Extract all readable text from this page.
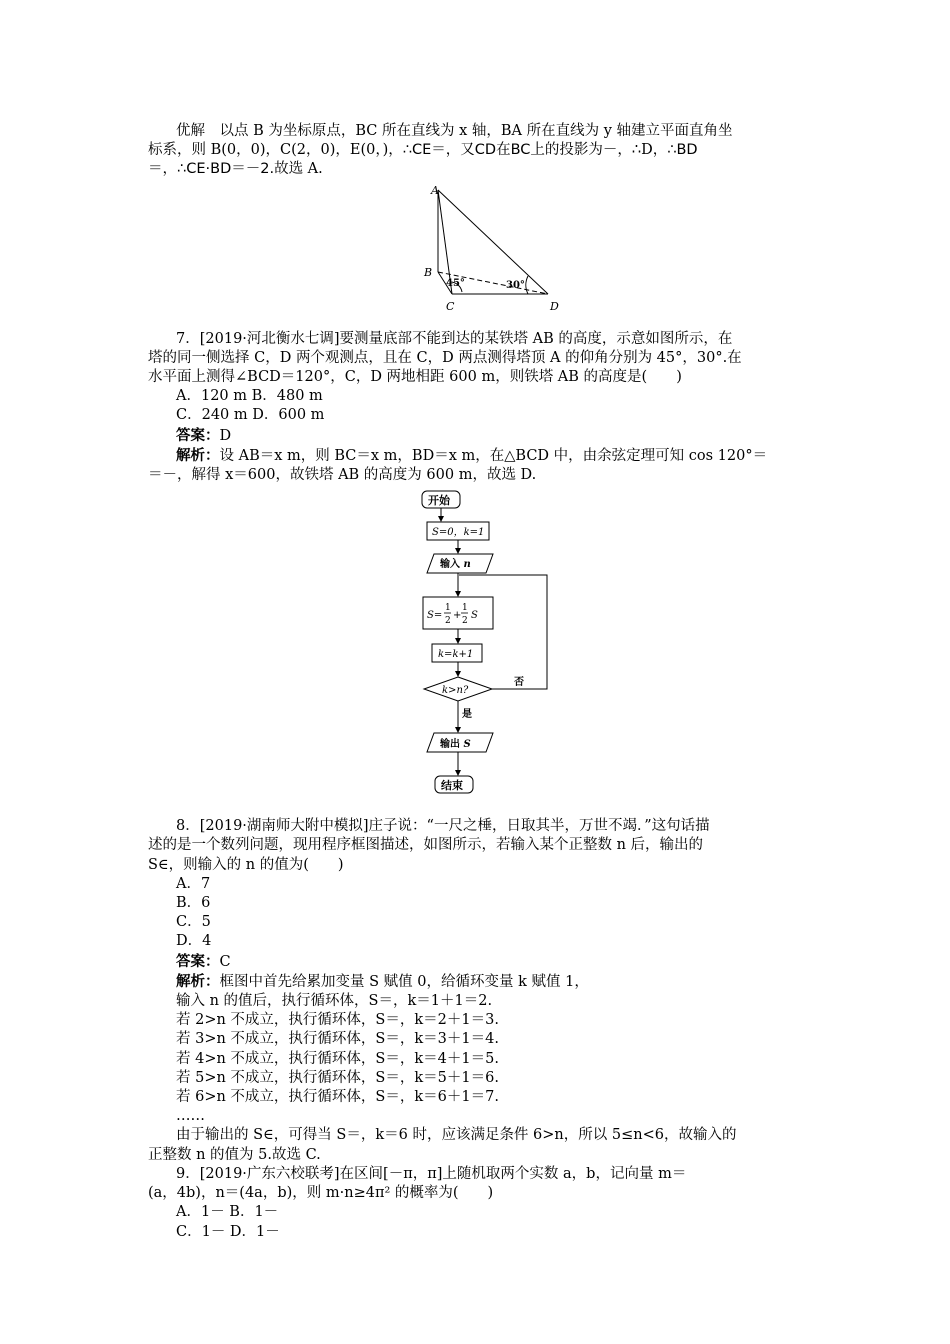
优解　 以点 B 为坐标原点，BC 所在直线为 x 轴，BA 所在直线为 y 轴建立平面直角坐

标系，则 B(0，0)，C(2，0)，E(0，)，∴CE＝，又CD在BC上的投影为－，∴D，∴BD

＝，∴CE·BD＝－2.故选 A.

A
B
C	D
45°	30°

7．[2019·河北衡水七调]要测量底部不能到达的某铁塔 AB 的高度，示意如图所示，在

塔的同一侧选择 C，D 两个观测点，且在 C，D 两点测得塔顶 A 的仰角分别为 45°，30°.在

水平面上测得∠BCD＝120°，C，D 两地相距 600 m，则铁塔 AB 的高度是(　　)

A．120 m B．480 m

C．240 m D．600 m

答案：D

解析：设 AB＝x m，则 BC＝x m，BD＝x m，在△BCD 中，由余弦定理可知 cos 120°＝

＝－，解得 x＝600，故铁塔 AB 的高度为 600 m，故选 D.

开始
S=0，k=1
输入 n
S=
1
2 +
1
2 S
k=k+1
k>n?
否
是
输出 S
结束

8．[2019·湖南师大附中模拟]庄子说：“一尺之棰，日取其半，万世不竭．”这句话描

述的是一个数列问题，现用程序框图描述，如图所示，若输入某个正整数 n 后，输出的

S∈，则输入的 n 的值为(　　)

A．7

B．6

C．5

D．4

答案：C

解析：框图中首先给累加变量 S 赋值 0，给循环变量 k 赋值 1，

输入 n 的值后，执行循环体，S＝，k＝1＋1＝2.

若 2>n 不成立，执行循环体，S＝，k＝2＋1＝3.

若 3>n 不成立，执行循环体，S＝，k＝3＋1＝4.

若 4>n 不成立，执行循环体，S＝，k＝4＋1＝5.

若 5>n 不成立，执行循环体，S＝，k＝5＋1＝6.

若 6>n 不成立，执行循环体，S＝，k＝6＋1＝7.

……

由于输出的 S∈，可得当 S＝，k＝6 时，应该满足条件 6>n，所以 5≤n<6，故输入的

正整数 n 的值为 5.故选 C.

9．[2019·广东六校联考]在区间[－π，π]上随机取两个实数 a，b，记向量 m＝

(a，4b)，n＝(4a，b)，则 m·n≥4π² 的概率为(　　)

A．1－ B．1－

C．1－ D．1－
